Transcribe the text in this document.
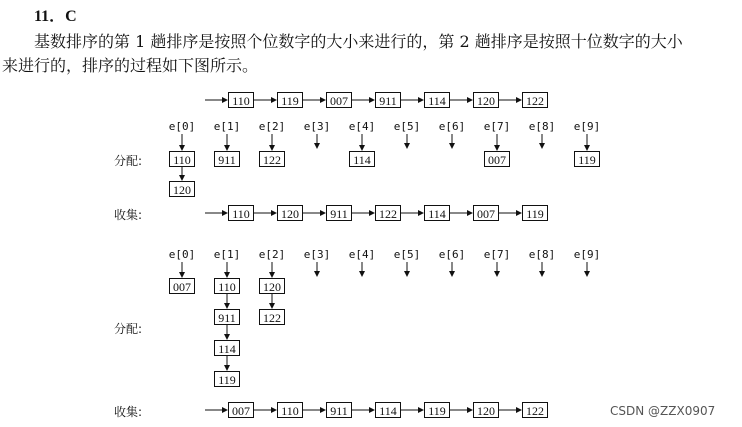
11．C
基数排序的第 1 趟排序是按照个位数字的大小来进行的，第 2 趟排序是按照十位数字的大小
来进行的，排序的过程如下图所示。
110	119	007	911	114	120	122
e[0]
110
120
e[1]
911
e[2]
122
e[3]	e[4]
114
e[5]	e[6]	e[7]
007
e[8]	e[9]
119
分配:
收集:	110	120	911	122	114	007	119
e[0]
007
e[1]
110
911
114
119
e[2]
120
122
e[3]	e[4]	e[5]	e[6]	e[7]	e[8]	e[9]
分配:
收集:	007	110	911	114	119	120	122	CSDN @ZZX0907
